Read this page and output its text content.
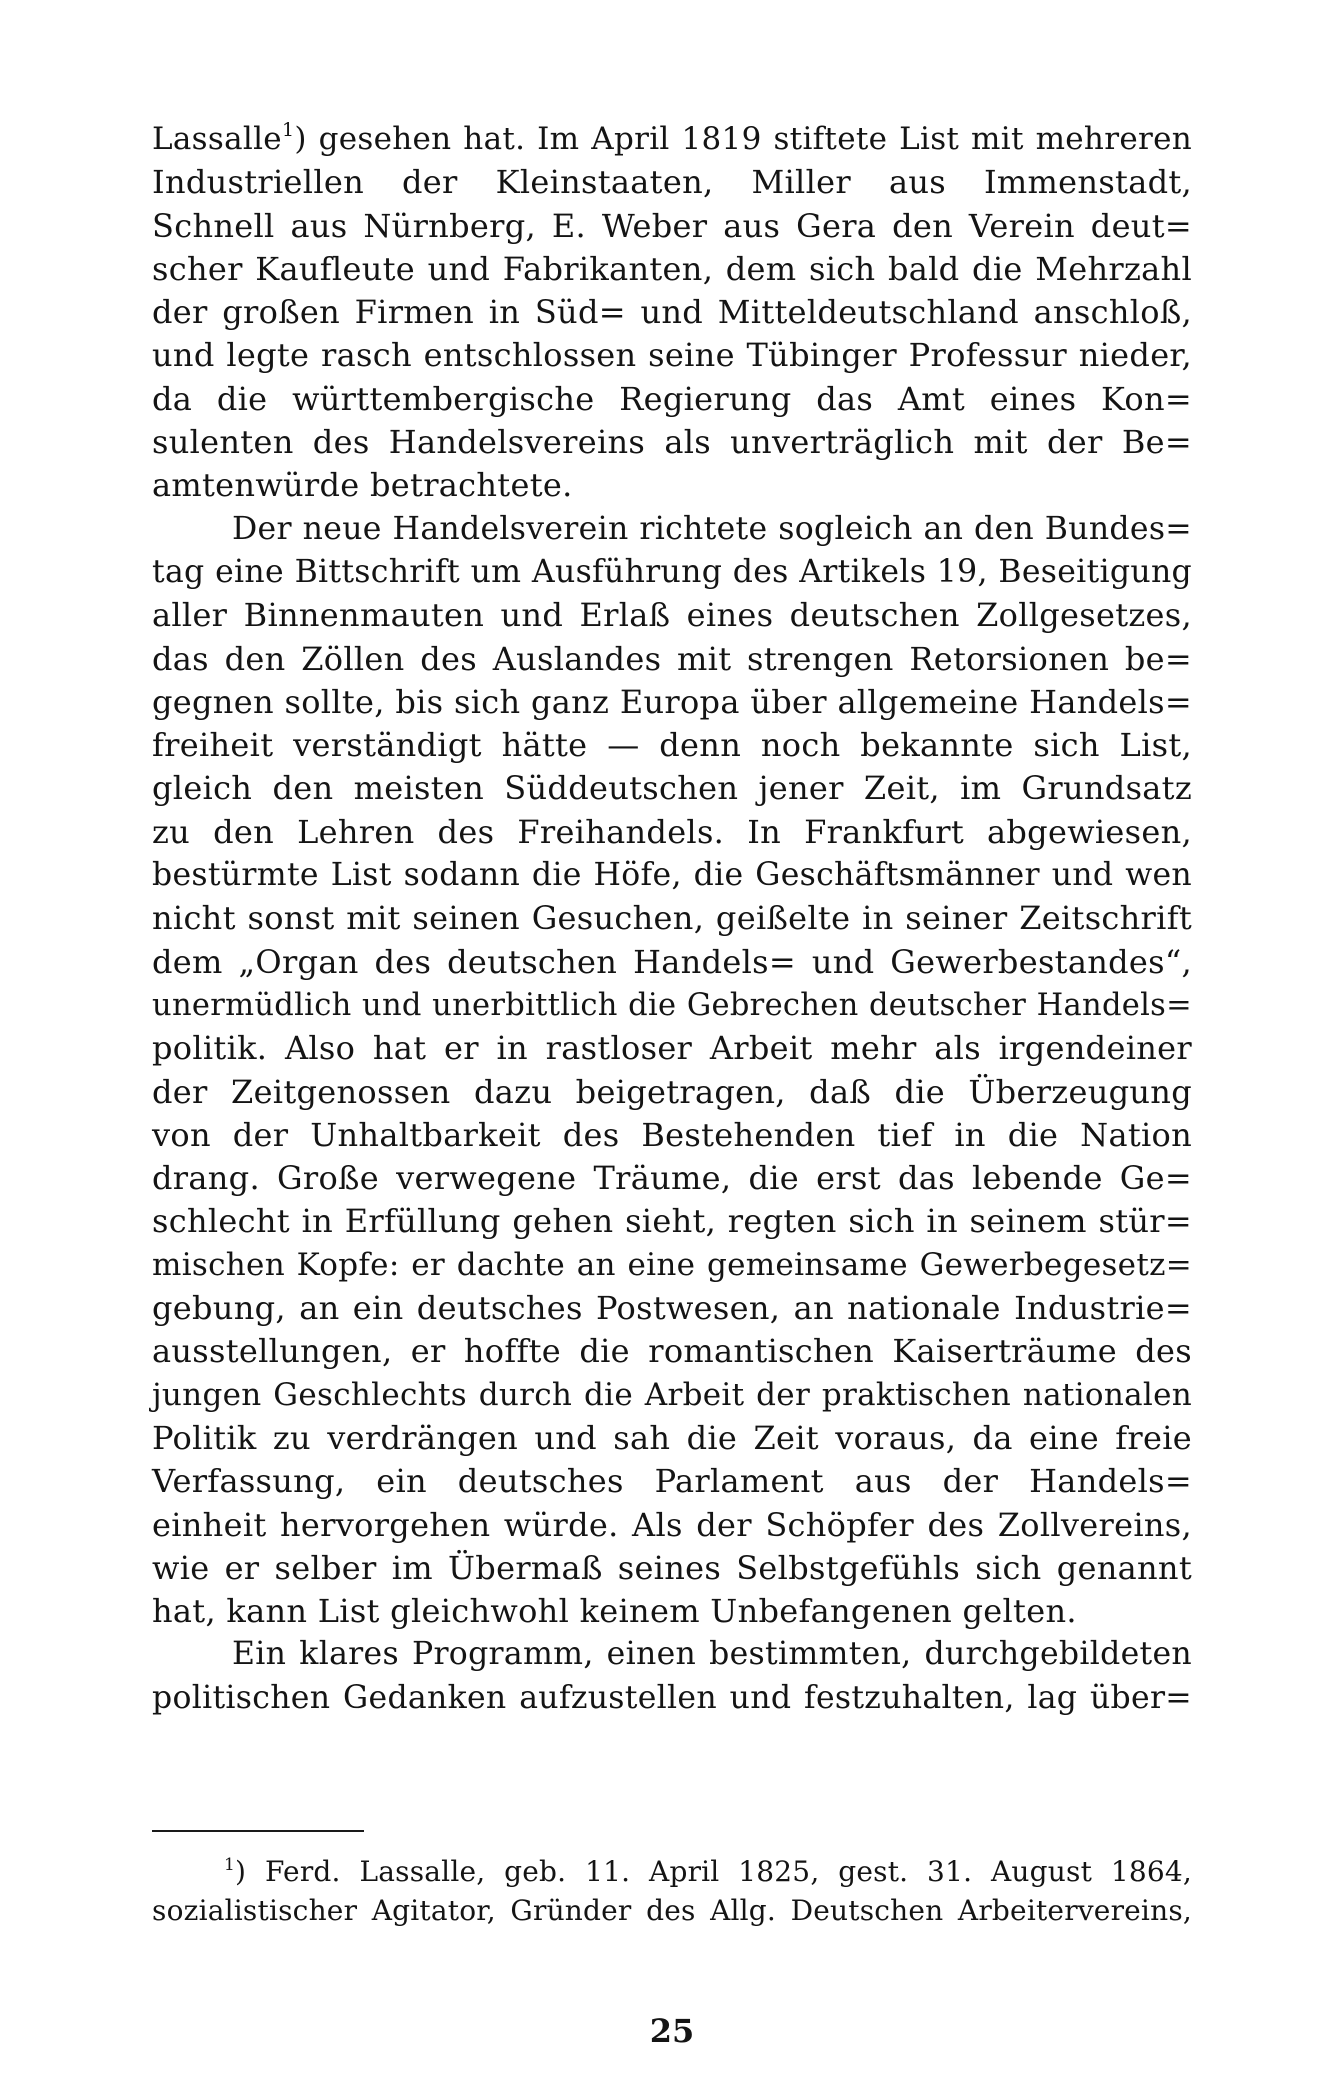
Lassalle$^1$) gesehen hat. Im April 1819 stiftete List mit mehreren
Industriellen der Kleinstaaten, Miller aus Immenstadt,
Schnell aus Nürnberg, E. Weber aus Gera den Verein deut=
scher Kaufleute und Fabrikanten, dem sich bald die Mehrzahl
der großen Firmen in Süd= und Mitteldeutschland anschloß,
und legte rasch entschlossen seine Tübinger Professur nieder,
da die württembergische Regierung das Amt eines Kon=
sulenten des Handelsvereins als unverträglich mit der Be=
amtenwürde betrachtete.
Der neue Handelsverein richtete sogleich an den Bundes=
tag eine Bittschrift um Ausführung des Artikels 19, Beseitigung
aller Binnenmauten und Erlaß eines deutschen Zollgesetzes,
das den Zöllen des Auslandes mit strengen Retorsionen be=
gegnen sollte, bis sich ganz Europa über allgemeine Handels=
freiheit verständigt hätte — denn noch bekannte sich List,
gleich den meisten Süddeutschen jener Zeit, im Grundsatz
zu den Lehren des Freihandels. In Frankfurt abgewiesen,
bestürmte List sodann die Höfe, die Geschäftsmänner und wen
nicht sonst mit seinen Gesuchen, geißelte in seiner Zeitschrift
dem „Organ des deutschen Handels= und Gewerbestandes“,
unermüdlich und unerbittlich die Gebrechen deutscher Handels=
politik. Also hat er in rastloser Arbeit mehr als irgendeiner
der Zeitgenossen dazu beigetragen, daß die Überzeugung
von der Unhaltbarkeit des Bestehenden tief in die Nation
drang. Große verwegene Träume, die erst das lebende Ge=
schlecht in Erfüllung gehen sieht, regten sich in seinem stür=
mischen Kopfe: er dachte an eine gemeinsame Gewerbegesetz=
gebung, an ein deutsches Postwesen, an nationale Industrie=
ausstellungen, er hoffte die romantischen Kaiserträume des
jungen Geschlechts durch die Arbeit der praktischen nationalen
Politik zu verdrängen und sah die Zeit voraus, da eine freie
Verfassung, ein deutsches Parlament aus der Handels=
einheit hervorgehen würde. Als der Schöpfer des Zollvereins,
wie er selber im Übermaß seines Selbstgefühls sich genannt
hat, kann List gleichwohl keinem Unbefangenen gelten.
Ein klares Programm, einen bestimmten, durchgebildeten
politischen Gedanken aufzustellen und festzuhalten, lag über=
$^1$) Ferd. Lassalle, geb. 11. April 1825, gest. 31. August 1864,
sozialistischer Agitator, Gründer des Allg. Deutschen Arbeitervereins,
25
